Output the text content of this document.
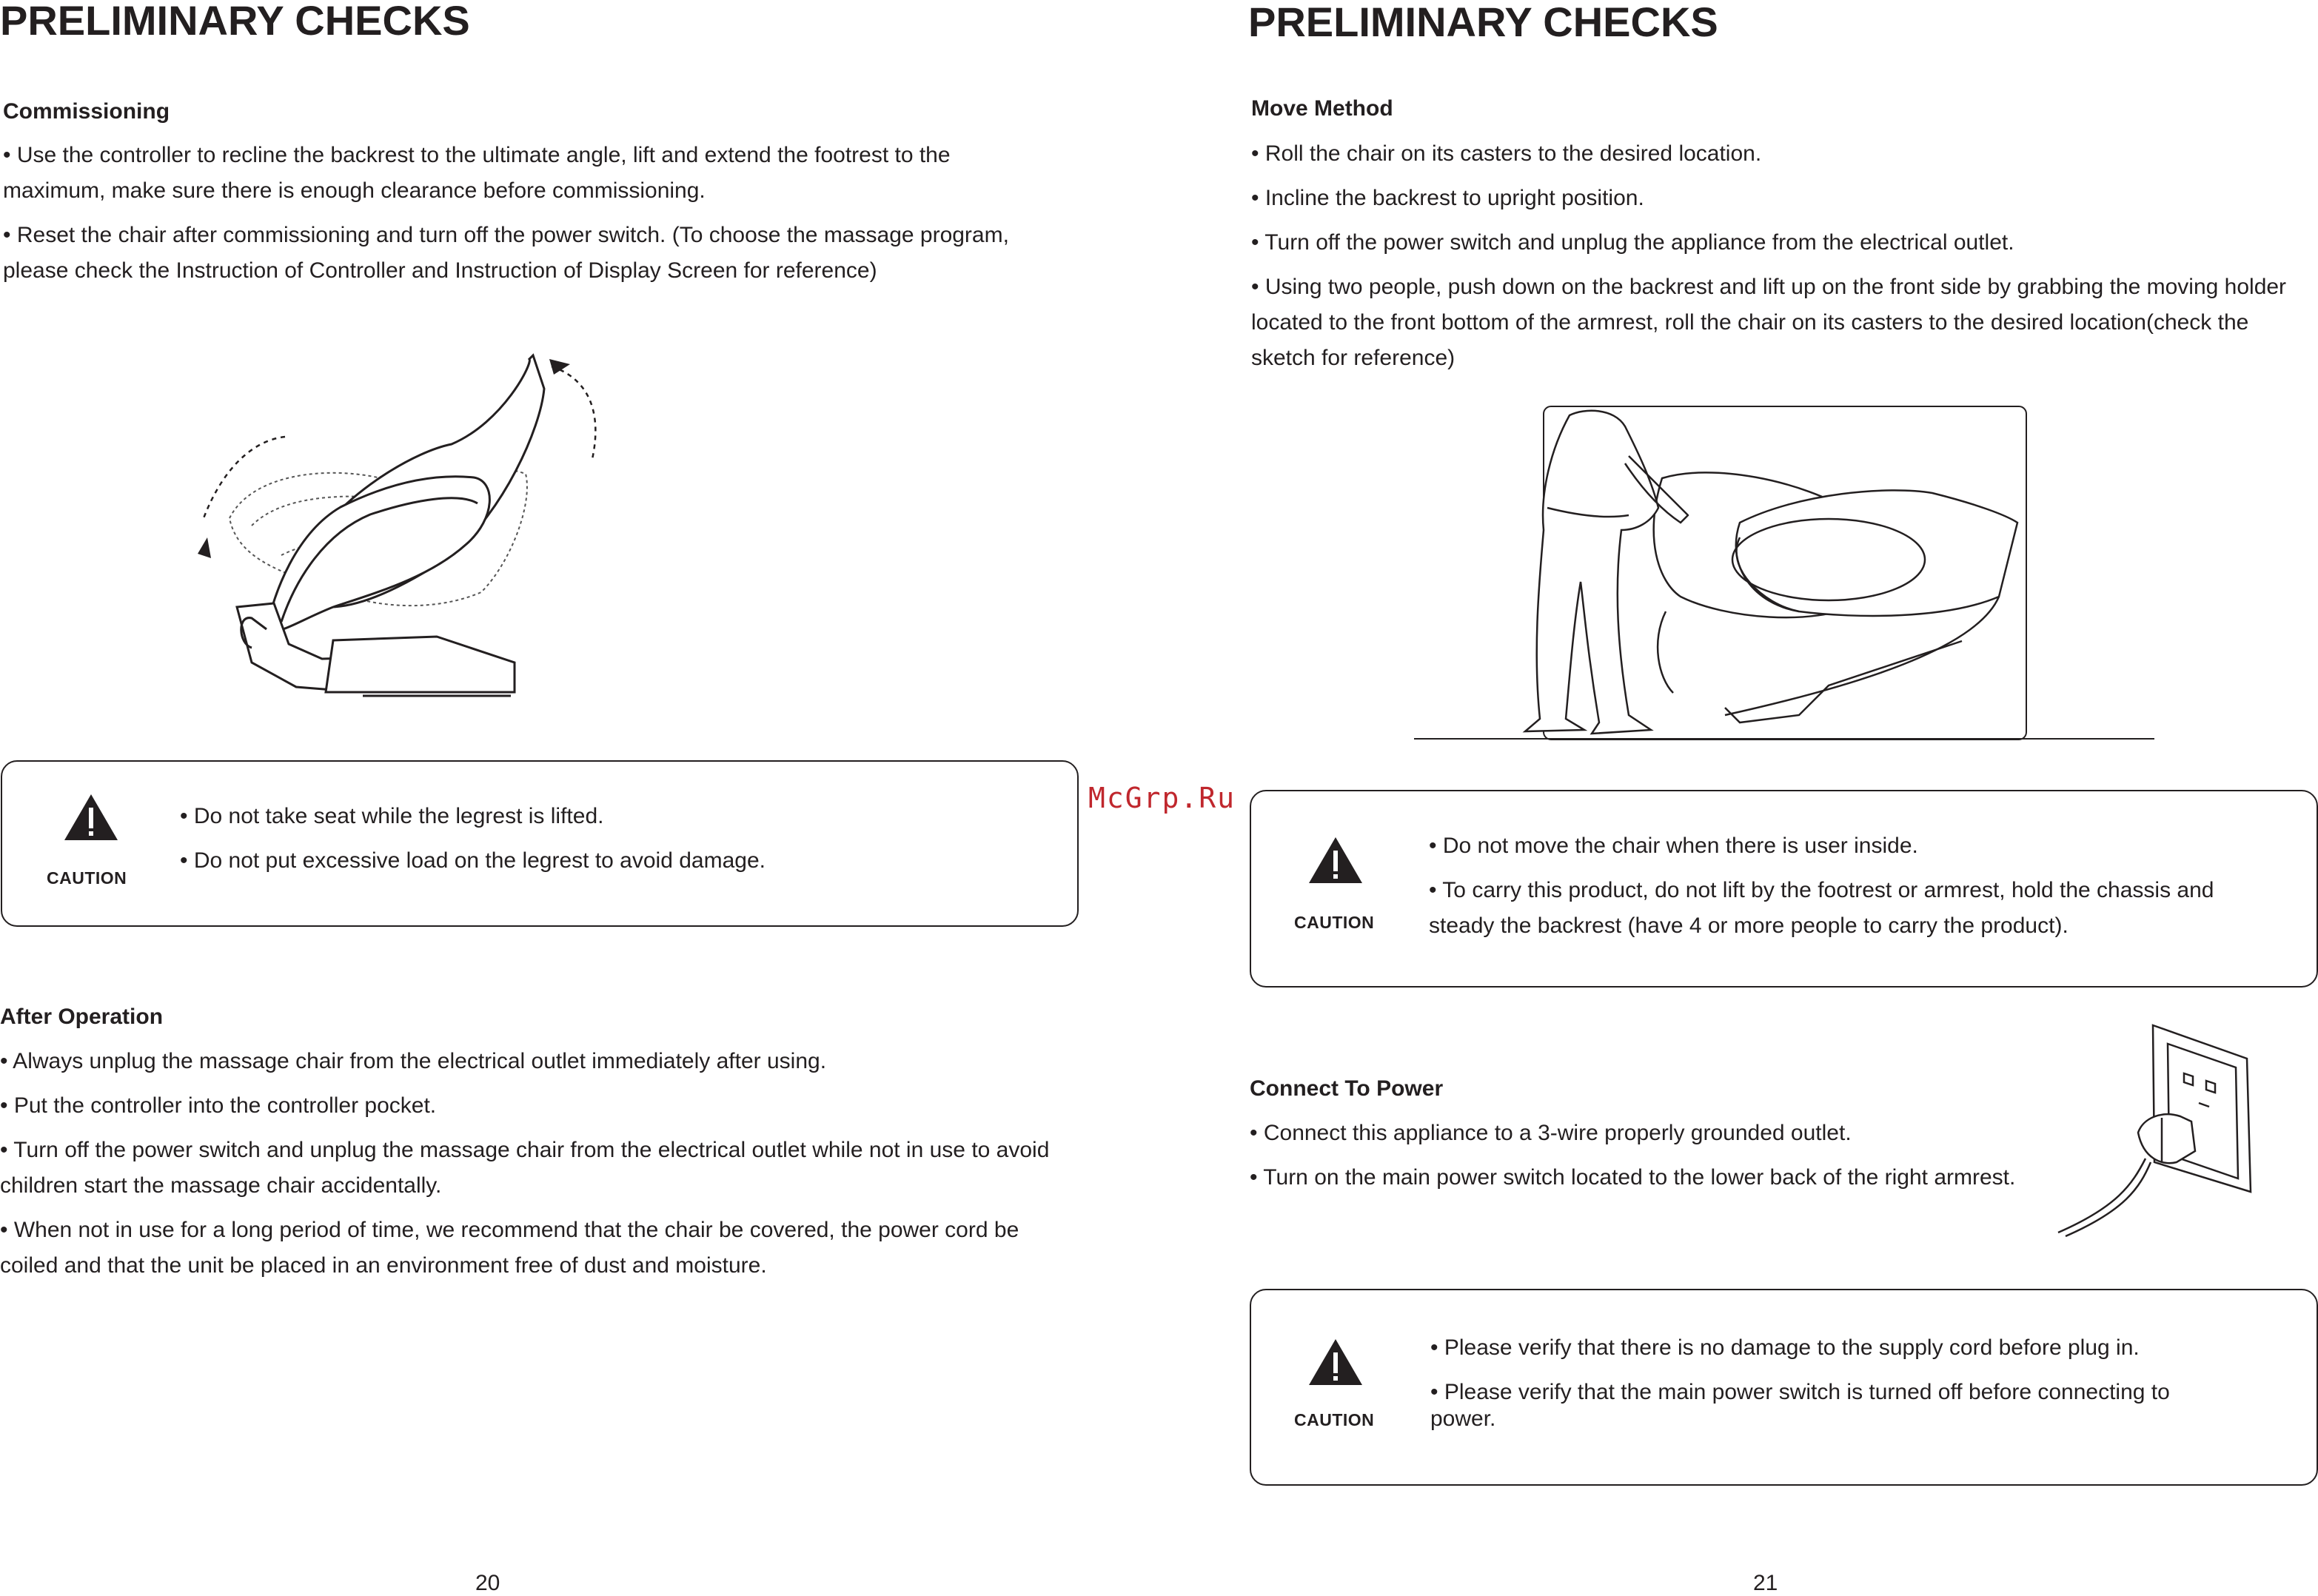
PRELIMINARY CHECKS
Commissioning

• Use the controller to recline the backrest to the ultimate angle, lift and extend the footrest to the maximum, make sure there is enough clearance before commissioning.

• Reset the chair after commissioning and turn off the power switch. (To choose the massage program, please check the Instruction of Controller and Instruction of Display Screen for reference)

CAUTION

• Do not take seat while the legrest is lifted.

• Do not put excessive load on the legrest to avoid damage.

After Operation

• Always unplug the massage chair from the electrical outlet immediately after using.

• Put the controller into the controller pocket.

• Turn off the power switch and unplug the massage chair from the electrical outlet while not in use to avoid children start the massage chair accidentally.

• When not in use for a long period of time, we recommend that the chair be covered, the power cord be coiled and that the unit be placed in an environment free of dust and moisture.

20
McGrp.Ru
PRELIMINARY CHECKS
Move Method

• Roll the chair on its casters to the desired location.

• Incline the backrest to upright position.

• Turn off the power switch and unplug the appliance from the electrical outlet.

• Using two people, push down on the backrest and lift up on the front side by grabbing the moving holder located to the front bottom of the armrest, roll the chair on its casters to the desired location(check the sketch for reference)

CAUTION

• Do not move the chair when there is user inside.

• To carry this product, do not lift by the footrest or armrest, hold the chassis and steady the backrest (have 4 or more people to carry the product).

Connect To Power

• Connect this appliance to a 3-wire properly grounded outlet.

• Turn on the main power switch located to the lower back of the right armrest.

CAUTION

• Please verify that there is no damage to the supply cord before plug in.

• Please verify that the main power switch is turned off before connecting to power.

21
